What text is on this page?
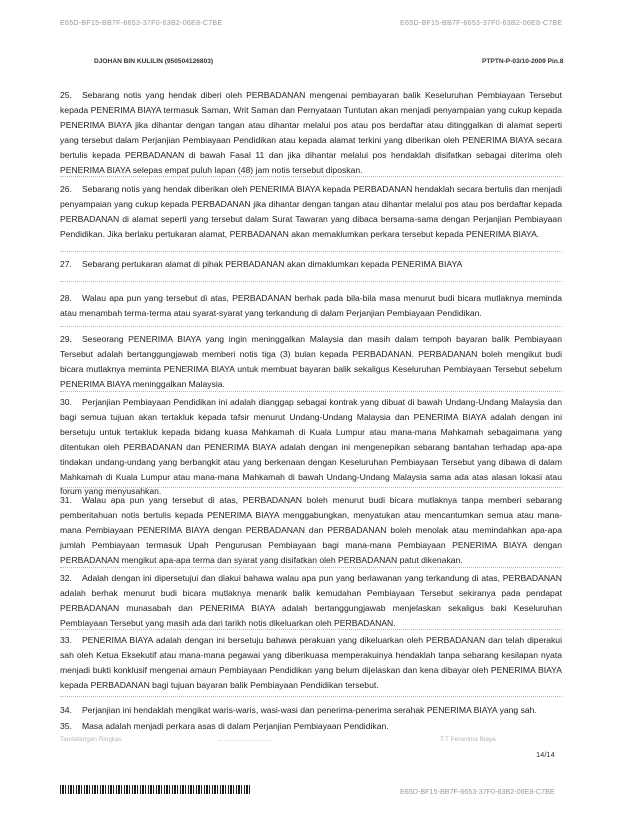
E65D-BF15-BB7F-6653-37F0-63B2-06E8-C7BE	E65D-BF15-BB7F-6653-37F0-63B2-06E8-C7BE
DJOHAN BIN KULILIN (950504126803)	PTPTN-P-03/10-2009 Pin.8

25. Sebarang notis yang hendak diberi oleh PERBADANAN mengenai pembayaran balik Keseluruhan Pembiayaan Tersebut kepada PENERIMA BIAYA termasuk Saman, Writ Saman dan Pernyataan Tuntutan akan menjadi penyampaian yang cukup kepada PENERIMA BIAYA jika dihantar dengan tangan atau dihantar melalui pos atau pos berdaftar atau ditinggalkan di alamat seperti yang tersebut dalam Perjanjian Pembiayaan Pendidikan atau kepada alamat terkini yang diberikan oleh PENERIMA BIAYA secara bertulis kepada PERBADANAN di bawah Fasal 11 dan jika dihantar melalui pos hendaklah disifatkan sebagai diterima oleh PENERIMA BIAYA selepas empat puluh lapan (48) jam notis tersebut diposkan.

26. Sebarang notis yang hendak diberikan oleh PENERIMA BIAYA kepada PERBADANAN hendaklah secara bertulis dan menjadi penyampaian yang cukup kepada PERBADANAN jika dihantar dengan tangan atau dihantar melalui pos atau pos berdaftar kepada PERBADANAN di alamat seperti yang tersebut dalam Surat Tawaran yang dibaca bersama-sama dengan Perjanjian Pembiayaan Pendidikan. Jika berlaku pertukaran alamat, PERBADANAN akan memaklumkan perkara tersebut kepada PENERIMA BIAYA.

27. Sebarang pertukaran alamat di pihak PERBADANAN akan dimaklumkan kepada PENERIMA BIAYA

28. Walau apa pun yang tersebut di atas, PERBADANAN berhak pada bila-bila masa menurut budi bicara mutlaknya meminda atau menambah terma-terma atau syarat-syarat yang terkandung di dalam Perjanjian Pembiayaan Pendidikan.

29. Seseorang PENERIMA BIAYA yang ingin meninggalkan Malaysia dan masih dalam tempoh bayaran balik Pembiayaan Tersebut adalah bertanggungjawab memberi notis tiga (3) bulan kepada PERBADANAN. PERBADANAN boleh mengikut budi bicara mutlaknya meminta PENERIMA BIAYA untuk membuat bayaran balik sekaligus Keseluruhan Pembiayaan Tersebut sebelum PENERIMA BIAYA meninggalkan Malaysia.

30. Perjanjian Pembiayaan Pendidikan ini adalah dianggap sebagai kontrak yang dibuat di bawah Undang-Undang Malaysia dan bagi semua tujuan akan tertakluk kepada tafsir menurut Undang-Undang Malaysia dan PENERIMA BIAYA adalah dengan ini bersetuju untuk tertakluk kepada bidang kuasa Mahkamah di Kuala Lumpur atau mana-mana Mahkamah sebagaimana yang ditentukan oleh PERBADANAN dan PENERIMA BIAYA adalah dengan ini mengenepikan sebarang bantahan terhadap apa-apa tindakan undang-undang yang berbangkit atau yang berkenaan dengan Keseluruhan Pembiayaan Tersebut yang dibawa di dalam Mahkamah di Kuala Lumpur atau mana-mana Mahkamah di bawah Undang-Undang Malaysia sama ada atas alasan lokasi atau forum yang menyusahkan.

31. Walau apa pun yang tersebut di atas, PERBADANAN boleh menurut budi bicara mutlaknya tanpa memberi sebarang pemberitahuan notis bertulis kepada PENERIMA BIAYA menggabungkan, menyatukan atau mencantumkan semua atau mana-mana Pembiayaan PENERIMA BIAYA dengan PERBADANAN dan PERBADANAN boleh menolak atau memindahkan apa-apa jumlah Pembiayaan termasuk Upah Pengurusan Pembiayaan bagi mana-mana Pembiayaan PENERIMA BIAYA dengan PERBADANAN mengikut apa-apa terma dan syarat yang disifatkan oleh PERBADANAN patut dikenakan.

32. Adalah dengan ini dipersetujui dan diakui bahawa walau apa pun yang berlawanan yang terkandung di atas, PERBADANAN adalah berhak menurut budi bicara mutlaknya menarik balik kemudahan Pembiayaan Tersebut sekiranya pada pendapat PERBADANAN munasabah dan PENERIMA BIAYA adalah bertanggungjawab menjelaskan sekaligus baki Keseluruhan Pembiayaan Tersebut yang masih ada dari tarikh notis dikeluarkan oleh PERBADANAN.

33. PENERIMA BIAYA adalah dengan ini bersetuju bahawa perakuan yang dikeluarkan oleh PERBADANAN dan telah diperakui sah oleh Ketua Eksekutif atau mana-mana pegawai yang diberikuasa memperakuinya hendaklah tanpa sebarang kesilapan nyata menjadi bukti konklusif mengenai amaun Pembiayaan Pendidikan yang belum dijelaskan dan kena dibayar oleh PENERIMA BIAYA kepada PERBADANAN bagi tujuan bayaran balik Pembiayaan Pendidikan tersebut.

34. Perjanjian ini hendaklah mengikat waris-waris, wasi-wasi dan penerima-penerima serahak PENERIMA BIAYA yang sah.

35. Masa adalah menjadi perkara asas di dalam Perjanjian Pembiayaan Pendidikan.

Tandatangan Ringkas	..............................	T.T Penerima Biaya
14/14
E65D-BF15-BB7F-6653-37F0-63B2-06E8-C7BE
